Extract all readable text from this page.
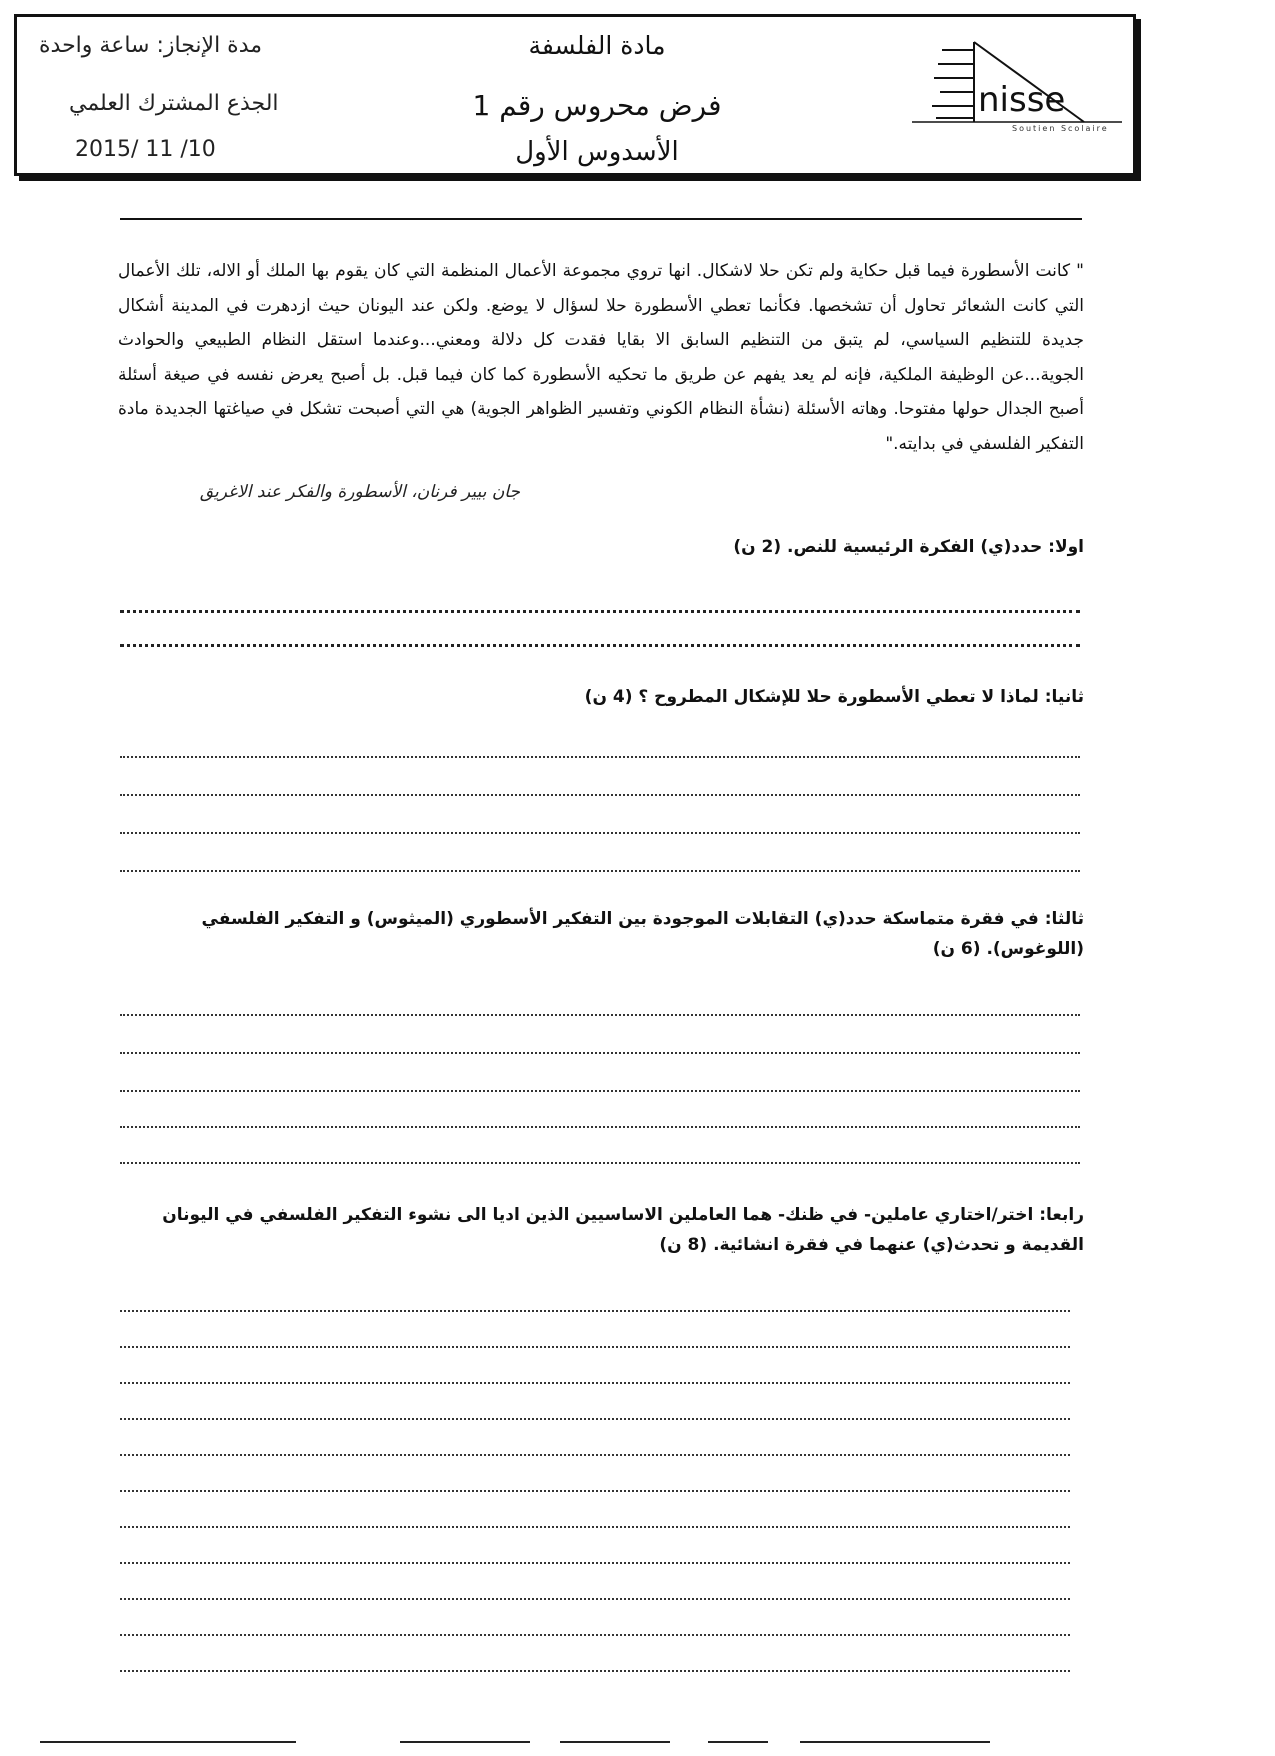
مدة الإنجاز: ساعة واحدة
الجذع المشترك العلمي
2015/ 11 /10
مادة الفلسفة
فرض محروس رقم 1
الأسدوس الأول
nisse
Soutien Scolaire
" كانت الأسطورة فيما قبل حكاية ولم تكن حلا لاشكال. انها تروي مجموعة الأعمال المنظمة التي كان يقوم بها الملك أو الاله، تلك الأعمال التي كانت الشعائر تحاول أن تشخصها. فكأنما تعطي الأسطورة حلا لسؤال لا يوضع. ولكن عند اليونان حيث ازدهرت في المدينة أشكال جديدة للتنظيم السياسي، لم يتبق من التنظيم السابق الا بقايا فقدت كل دلالة ومعني...وعندما استقل النظام الطبيعي والحوادث الجوية...عن الوظيفة الملكية، فإنه لم يعد يفهم عن طريق ما تحكيه الأسطورة كما كان فيما قبل. بل أصبح يعرض نفسه في صيغة أسئلة أصبح الجدال حولها مفتوحا. وهاته الأسئلة (نشأة النظام الكوني وتفسير الظواهر الجوية) هي التي أصبحت تشكل في صياغتها الجديدة مادة التفكير الفلسفي في بدايته."
جان بيير فرنان، الأسطورة والفكر عند الاغريق
اولا: حدد(ي) الفكرة الرئيسية للنص. (2 ن)
ثانيا: لماذا لا تعطي الأسطورة حلا للإشكال المطروح ؟ (4 ن)
ثالثا: في فقرة متماسكة حدد(ي) التقابلات الموجودة بين التفكير الأسطوري (الميثوس) و التفكير الفلسفي (اللوغوس). (6 ن)
رابعا: اختر/اختاري عاملين- في ظنك- هما العاملين الاساسيين الذين اديا الى نشوء التفكير الفلسفي في اليونان القديمة و تحدث(ي) عنهما في فقرة انشائية. (8 ن)
